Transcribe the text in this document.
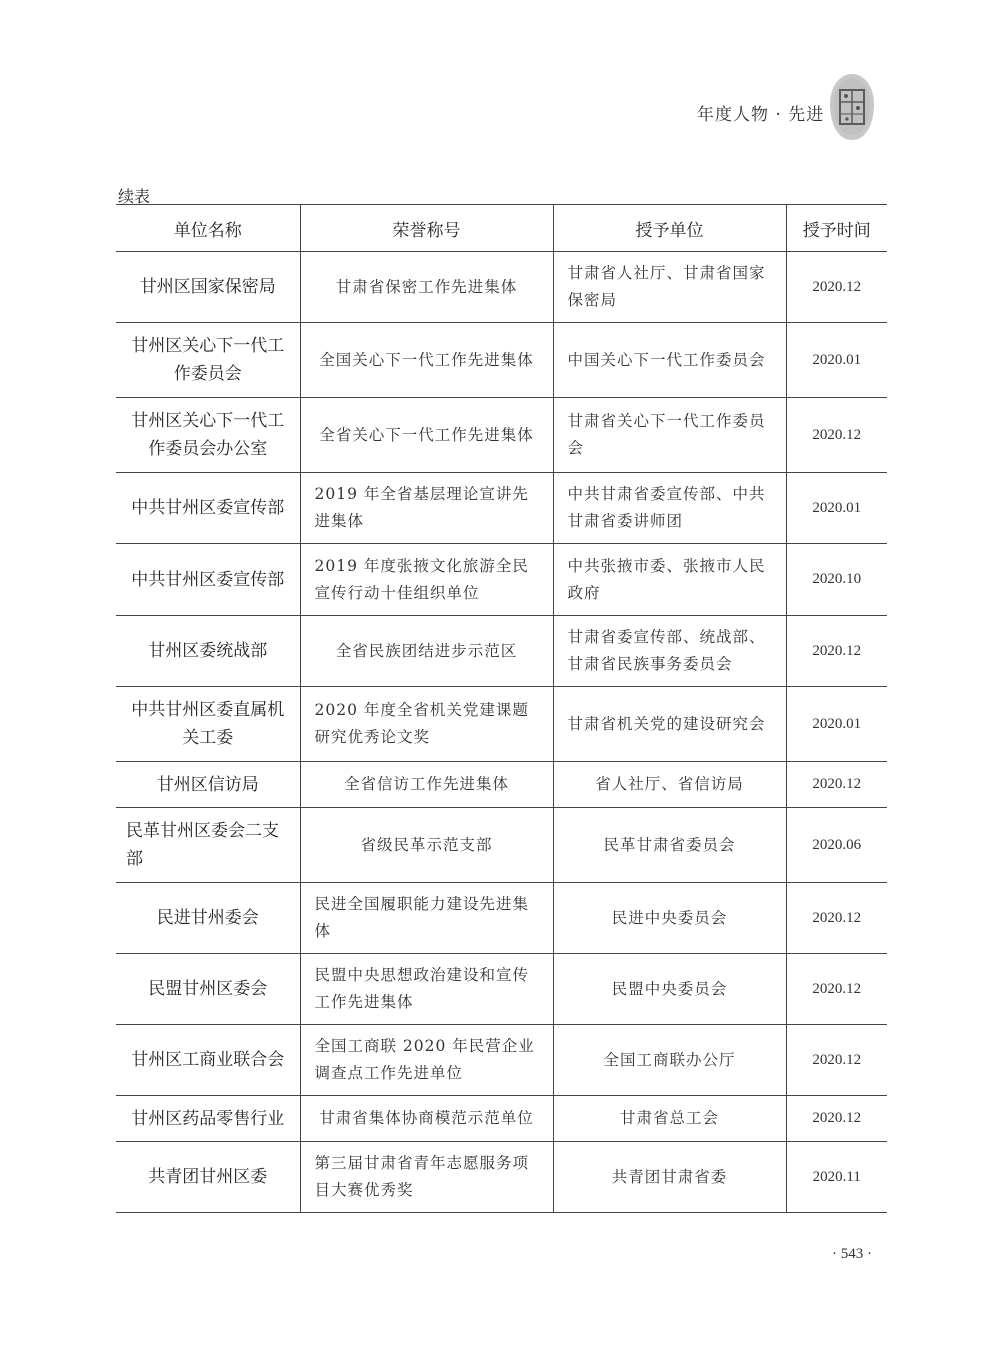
年度人物 · 先进
续表
单位名称	荣誉称号	授予单位	授予时间
甘州区国家保密局	甘肃省保密工作先进集体	甘肃省人社厅、甘肃省国家保密局	2020.12
甘州区关心下一代工作委员会	全国关心下一代工作先进集体	中国关心下一代工作委员会	2020.01
甘州区关心下一代工作委员会办公室	全省关心下一代工作先进集体	甘肃省关心下一代工作委员会	2020.12
中共甘州区委宣传部	2019 年全省基层理论宣讲先进集体	中共甘肃省委宣传部、中共甘肃省委讲师团	2020.01
中共甘州区委宣传部	2019 年度张掖文化旅游全民宣传行动十佳组织单位	中共张掖市委、张掖市人民政府	2020.10
甘州区委统战部	全省民族团结进步示范区	甘肃省委宣传部、统战部、甘肃省民族事务委员会	2020.12
中共甘州区委直属机关工委	2020 年度全省机关党建课题研究优秀论文奖	甘肃省机关党的建设研究会	2020.01
甘州区信访局	全省信访工作先进集体	省人社厅、省信访局	2020.12
民革甘州区委会二支部	省级民革示范支部	民革甘肃省委员会	2020.06
民进甘州委会	民进全国履职能力建设先进集体	民进中央委员会	2020.12
民盟甘州区委会	民盟中央思想政治建设和宣传工作先进集体	民盟中央委员会	2020.12
甘州区工商业联合会	全国工商联 2020 年民营企业调查点工作先进单位	全国工商联办公厅	2020.12
甘州区药品零售行业	甘肃省集体协商模范示范单位	甘肃省总工会	2020.12
共青团甘州区委	第三届甘肃省青年志愿服务项目大赛优秀奖	共青团甘肃省委	2020.11
· 543 ·
